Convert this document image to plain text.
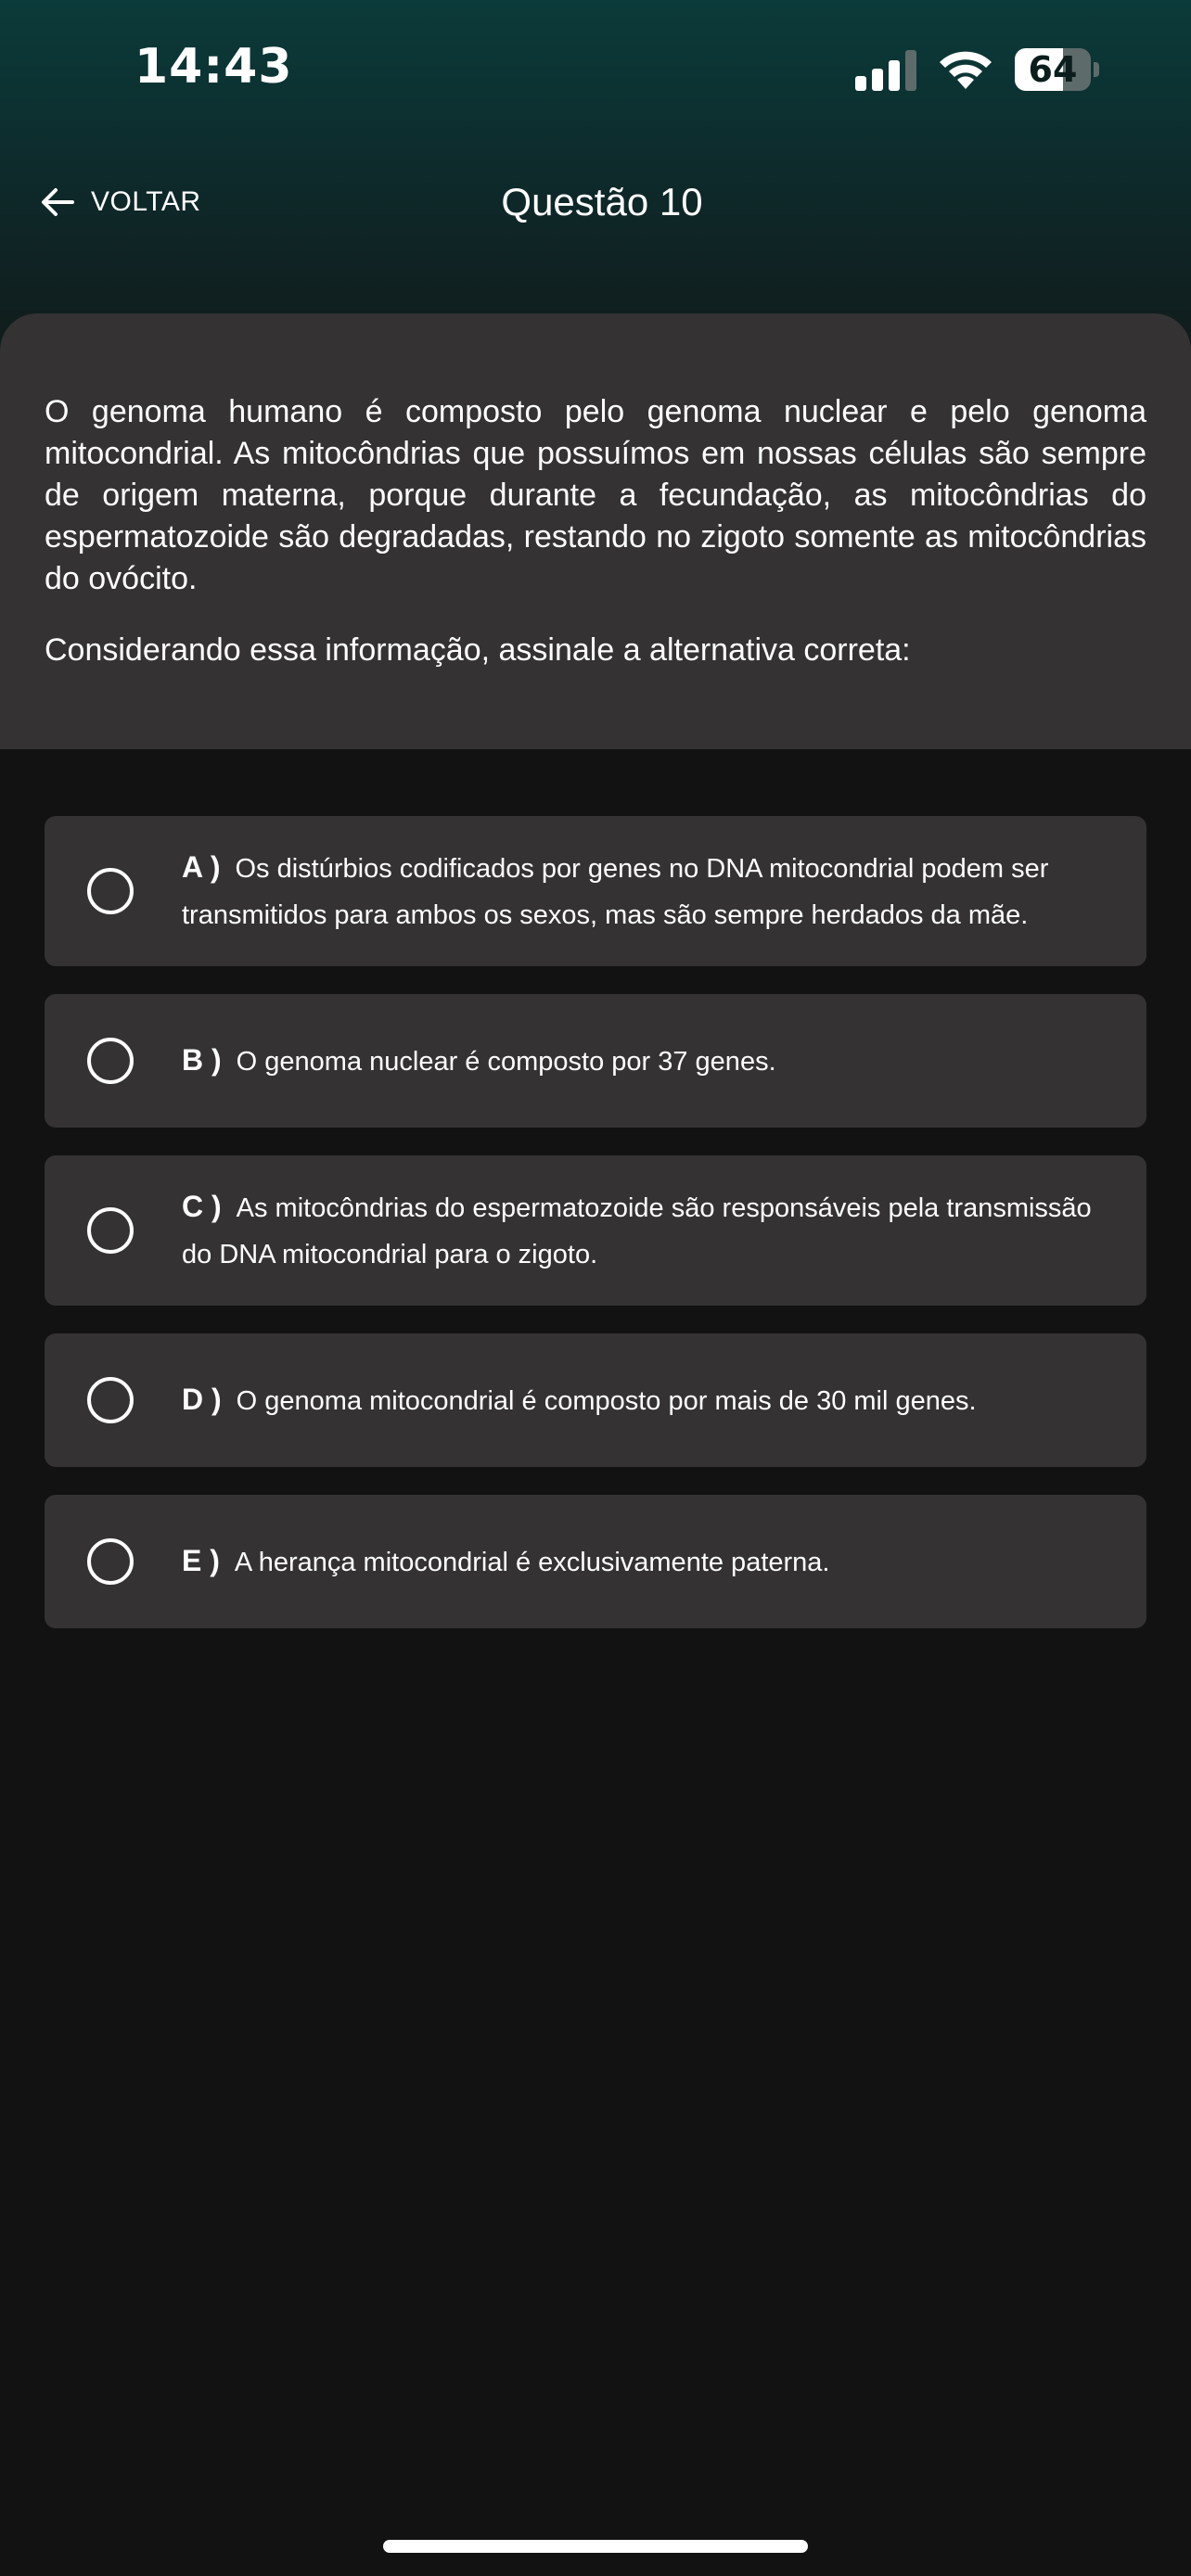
14:43	64
VOLTAR	Questão 10

O genoma humano é composto pelo genoma nuclear e pelo genoma mitocondrial. As mitocôndrias que possuímos em nossas células são sempre de origem materna, porque durante a fecundação, as mitocôndrias do espermatozoide são degradadas, restando no zigoto somente as mitocôndrias do ovócito.

Considerando essa informação, assinale a alternativa correta:

A ) Os distúrbios codificados por genes no DNA mitocondrial podem ser transmitidos para ambos os sexos, mas são sempre herdados da mãe.
B ) O genoma nuclear é composto por 37 genes.
C ) As mitocôndrias do espermatozoide são responsáveis pela transmissão do DNA mitocondrial para o zigoto.
D ) O genoma mitocondrial é composto por mais de 30 mil genes.
E ) A herança mitocondrial é exclusivamente paterna.
